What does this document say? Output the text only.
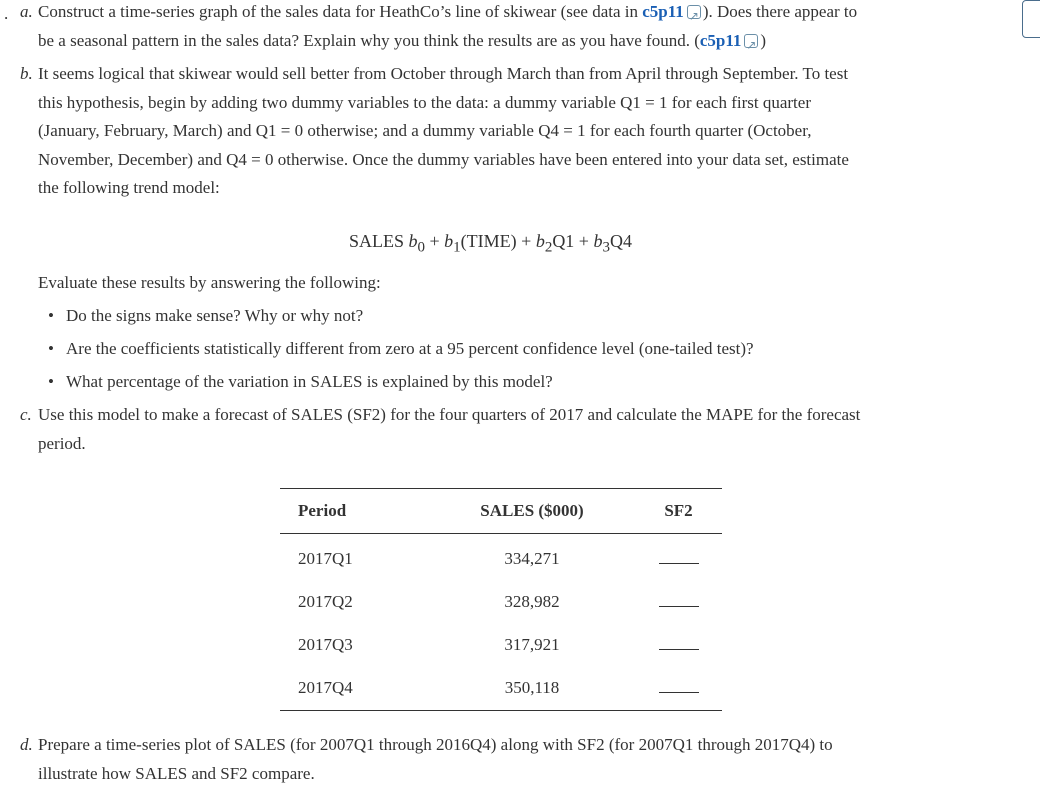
. a. Construct a time-series graph of the sales data for HeathCo’s line of skiwear (see data in c5p11 ↗ ). Does there appear to
be a seasonal pattern in the sales data? Explain why you think the results are as you have found. (c5p11 ↗ )
b. It seems logical that skiwear would sell better from October through March than from April through September. To test
this hypothesis, begin by adding two dummy variables to the data: a dummy variable Q1 = 1 for each first quarter
(January, February, March) and Q1 = 0 otherwise; and a dummy variable Q4 = 1 for each fourth quarter (October,
November, December) and Q4 = 0 otherwise. Once the dummy variables have been entered into your data set, estimate
the following trend model:
SALES $b_0$ + $b_1(TIME) + b_2Q1 + b_3Q4$
Evaluate these results by answering the following:
• Do the signs make sense? Why or why not?
• Are the coefficients statistically different from zero at a 95 percent confidence level (one-tailed test)?
• What percentage of the variation in SALES is explained by this model?
c. Use this model to make a forecast of SALES (SF2) for the four quarters of 2017 and calculate the MAPE for the forecast
period.
Period	SALES ($000)	SF2
2017Q1	334,271	
2017Q2	328,982	
2017Q3	317,921	
2017Q4	350,118	
d. Prepare a time-series plot of SALES (for 2007Q1 through 2016Q4) along with SF2 (for 2007Q1 through 2017Q4) to
illustrate how SALES and SF2 compare.
